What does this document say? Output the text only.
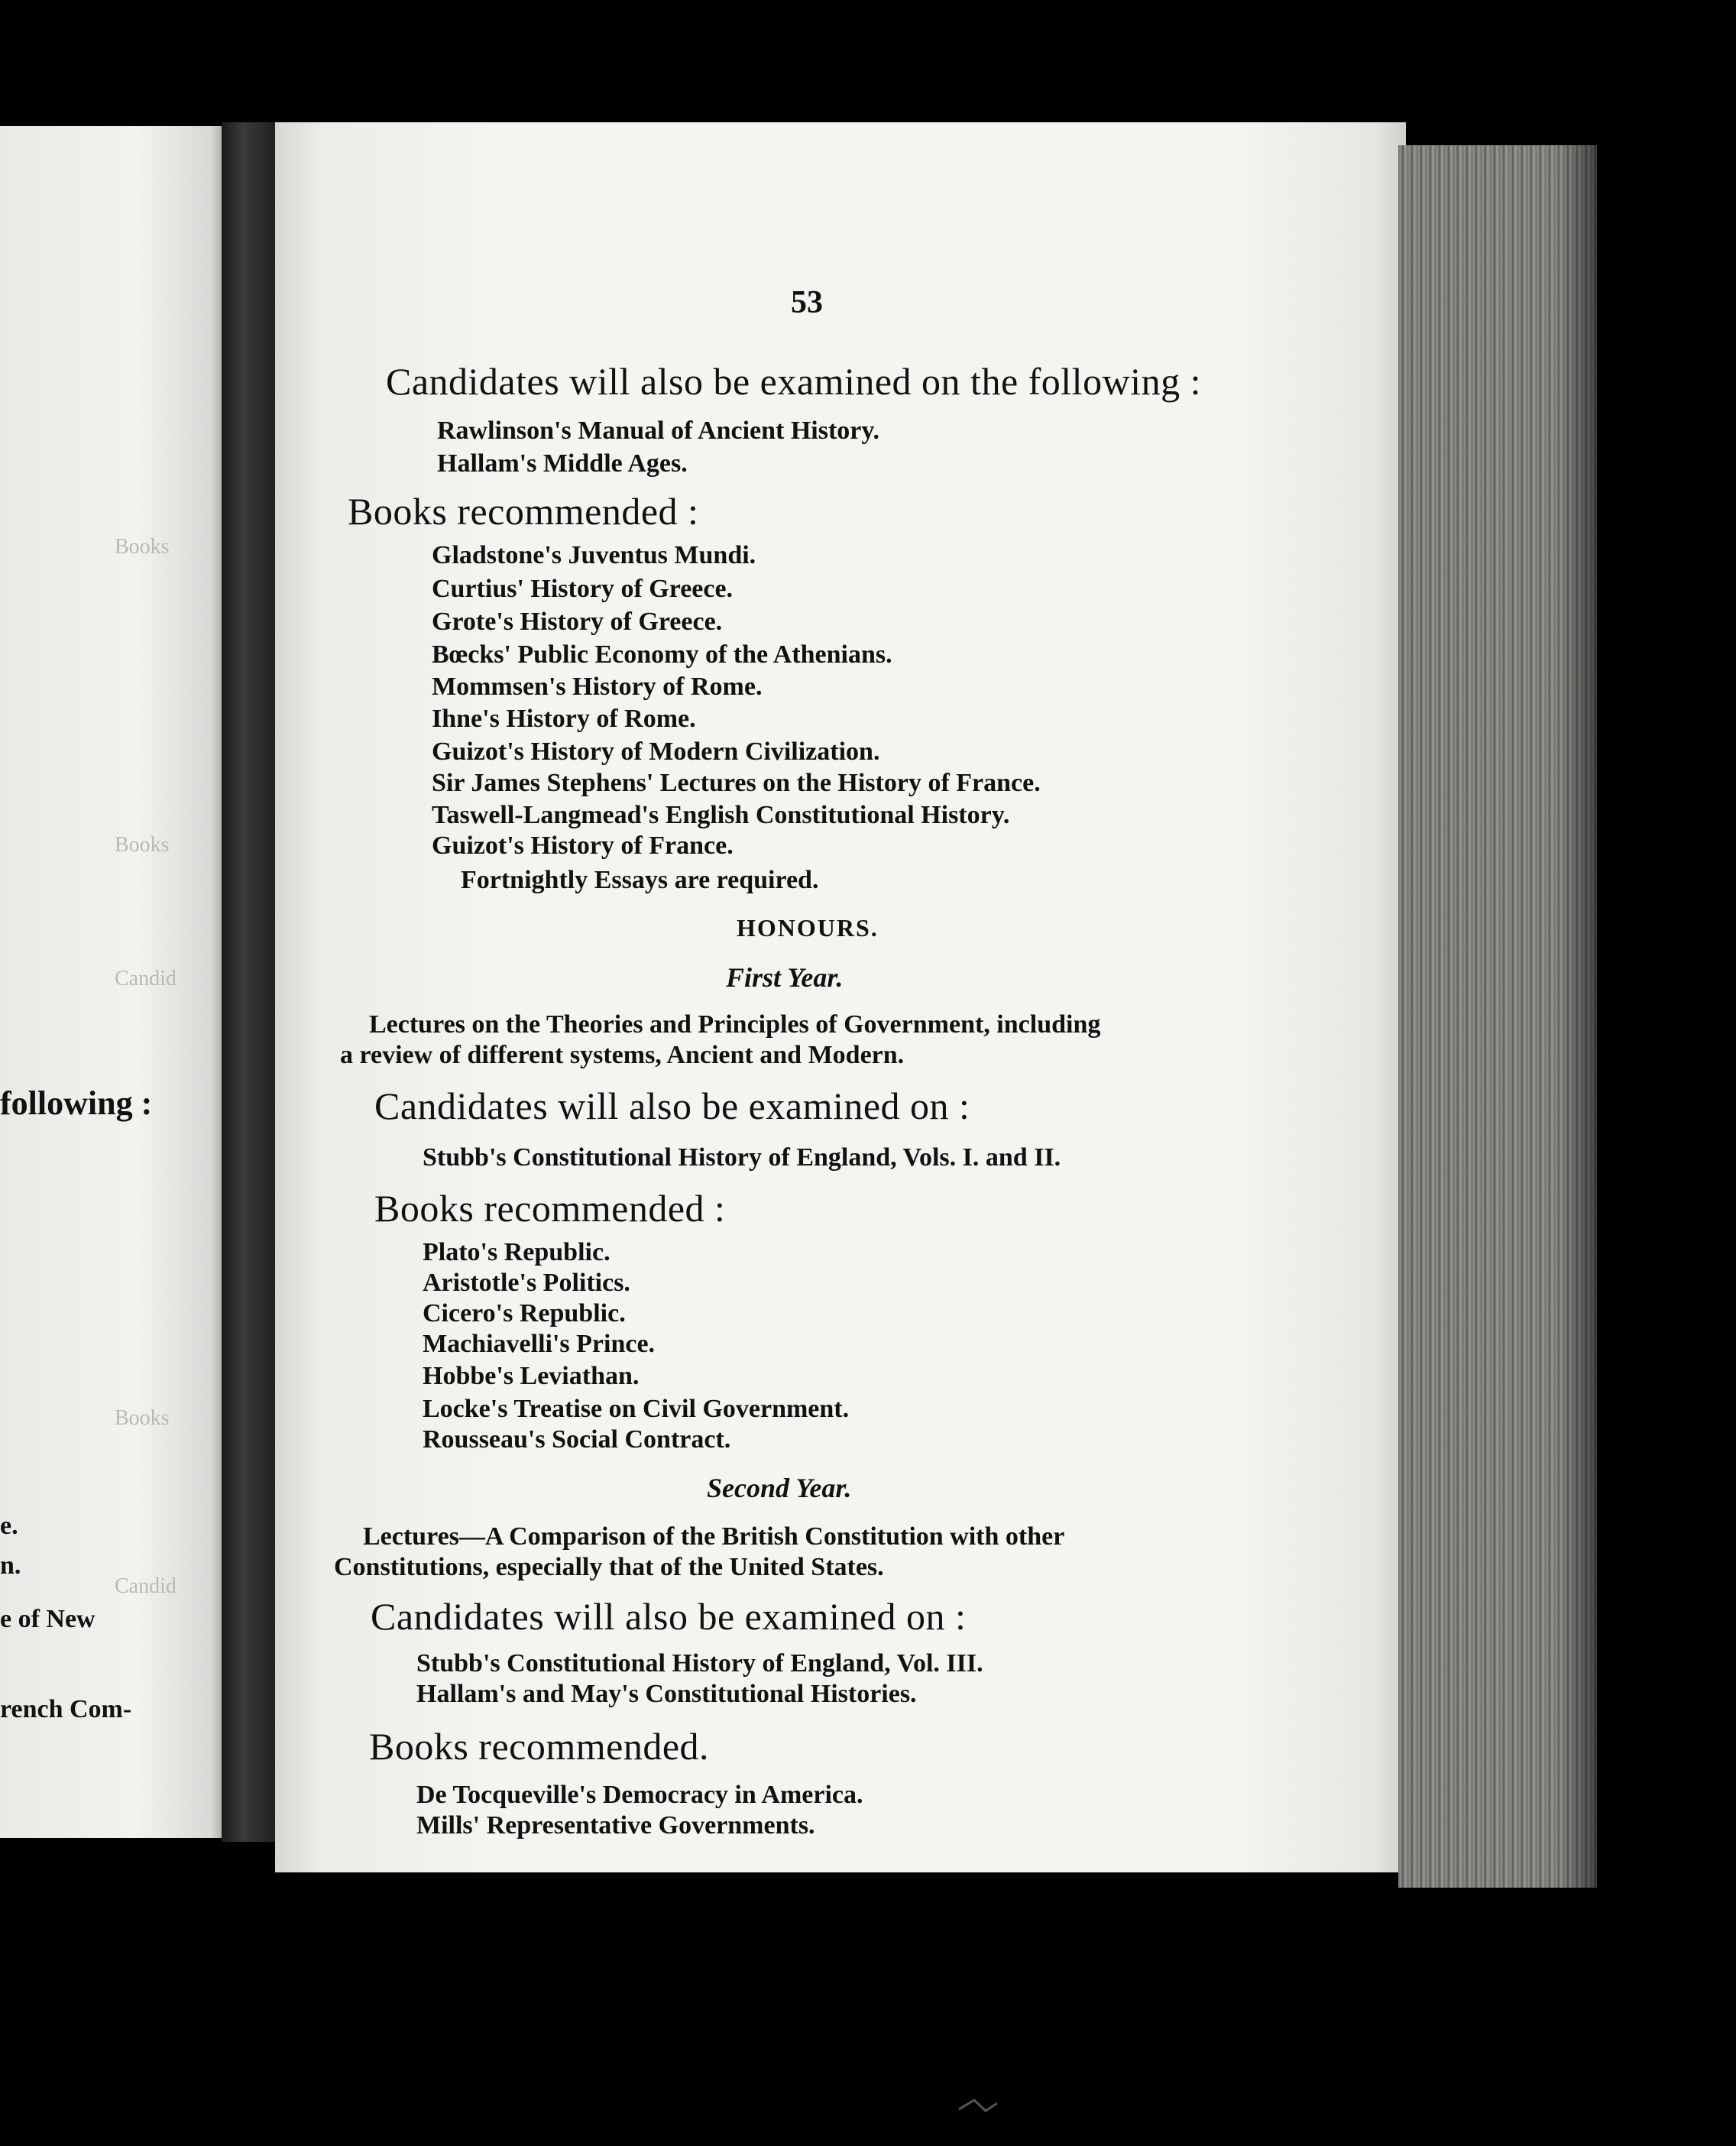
following :
e.
n.
e of New
rench Com-
Books
Books
Candid
Books
Candid
53
Candidates will also be examined on the following :
Rawlinson's Manual of Ancient History.
Hallam's Middle Ages.
Books recommended :
Gladstone's Juventus Mundi.
Curtius' History of Greece.
Grote's History of Greece.
Bœcks' Public Economy of the Athenians.
Mommsen's History of Rome.
Ihne's History of Rome.
Guizot's History of Modern Civilization.
Sir James Stephens' Lectures on the History of France.
Taswell-Langmead's English Constitutional History.
Guizot's History of France.
Fortnightly Essays are required.
HONOURS.
First Year.
Lectures on the Theories and Principles of Government, including
a review of different systems, Ancient and Modern.
Candidates will also be examined on :
Stubb's Constitutional History of England, Vols. I. and II.
Books recommended :
Plato's Republic.
Aristotle's Politics.
Cicero's Republic.
Machiavelli's Prince.
Hobbe's Leviathan.
Locke's Treatise on Civil Government.
Rousseau's Social Contract.
Second Year.
Lectures—A Comparison of the British Constitution with other
Constitutions, especially that of the United States.
Candidates will also be examined on :
Stubb's Constitutional History of England, Vol. III.
Hallam's and May's Constitutional Histories.
Books recommended.
De Tocqueville's Democracy in America.
Mills' Representative Governments.
